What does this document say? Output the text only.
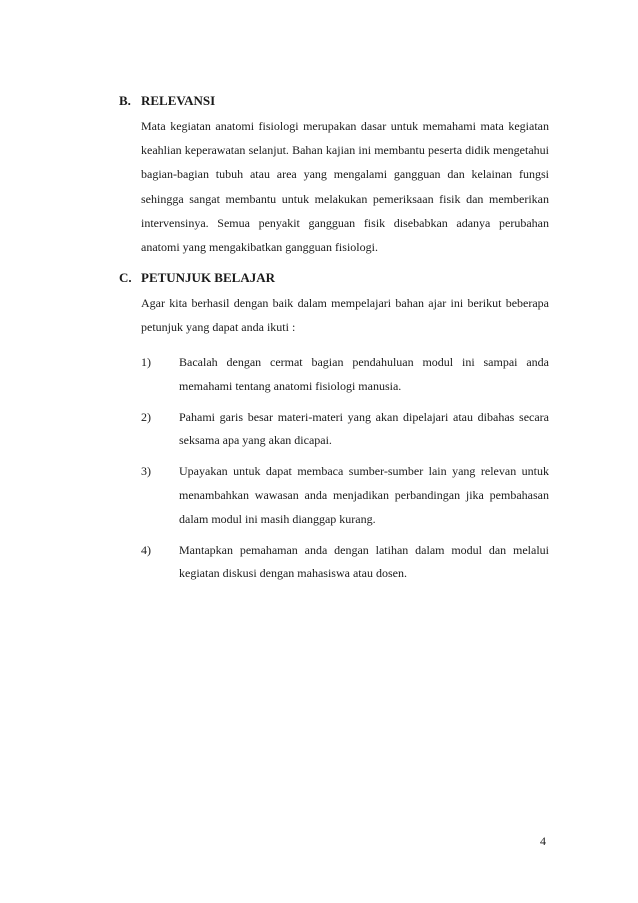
B. RELEVANSI

Mata kegiatan anatomi fisiologi merupakan dasar untuk memahami mata kegiatan keahlian keperawatan selanjut. Bahan kajian ini membantu peserta didik mengetahui bagian-bagian tubuh atau area yang mengalami gangguan dan kelainan fungsi sehingga sangat membantu untuk melakukan pemeriksaan fisik dan memberikan intervensinya. Semua penyakit gangguan fisik disebabkan adanya perubahan anatomi yang mengakibatkan gangguan fisiologi.

C. PETUNJUK BELAJAR

Agar kita berhasil dengan baik dalam mempelajari bahan ajar ini berikut beberapa petunjuk yang dapat anda ikuti :

1)	Bacalah dengan cermat bagian pendahuluan modul ini sampai anda memahami tentang anatomi fisiologi manusia.
2)	Pahami garis besar materi-materi yang akan dipelajari atau dibahas secara seksama apa yang akan dicapai.
3)	Upayakan untuk dapat membaca sumber-sumber lain yang relevan untuk menambahkan wawasan anda menjadikan perbandingan jika pembahasan dalam modul ini masih dianggap kurang.
4)	Mantapkan pemahaman anda dengan latihan dalam modul dan melalui kegiatan diskusi dengan mahasiswa atau dosen.
4
